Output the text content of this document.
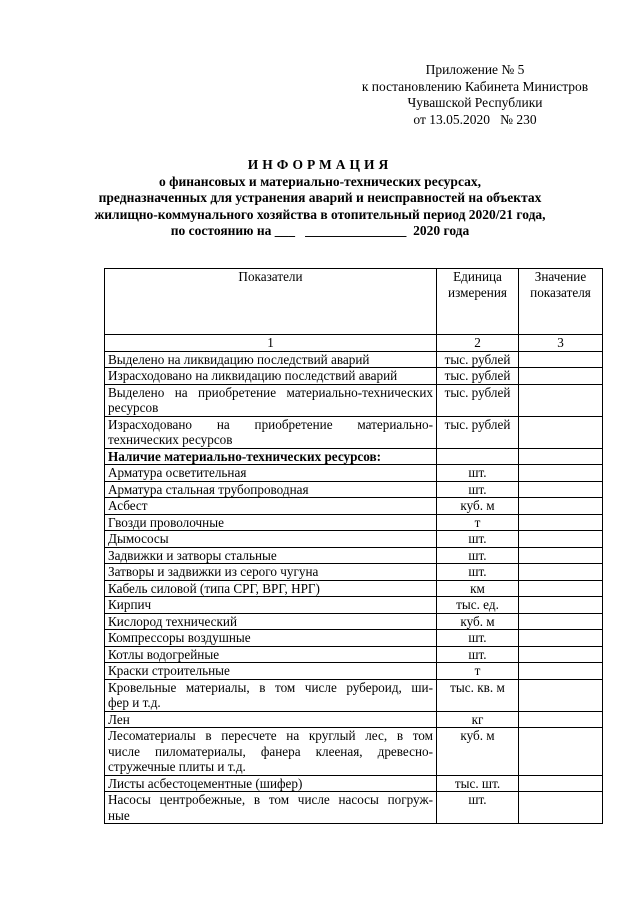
Приложение № 5
к постановлению Кабинета Министров
Чувашской Республики
от 13.05.2020   № 230
ИНФОРМАЦИЯ
о финансовых и материально-технических ресурсах,
предназначенных для устранения аварий и неисправностей на объектах
жилищно-коммунального хозяйства в отопительный период 2020/21 года,
по состоянию на ___   _______________  2020 года
Показатели	Единица измерения	Значение показателя
1	2	3
Выделено на ликвидацию последствий аварий	тыс. рублей	
Израсходовано на ликвидацию последствий аварий	тыс. рублей	

Выделено на приобретение материально-технических
ресурсов	тыс. рублей	

Израсходовано на приобретение материально-
технических ресурсов	тыс. рублей	
Наличие материально-технических ресурсов:		
Арматура осветительная	шт.	
Арматура стальная трубопроводная	шт.	
Асбест	куб. м	
Гвозди проволочные	т	
Дымососы	шт.	
Задвижки и затворы стальные	шт.	
Затворы и задвижки из серого чугуна	шт.	
Кабель силовой (типа СРГ, ВРГ, НРГ)	км	
Кирпич	тыс. ед.	
Кислород технический	куб. м	
Компрессоры воздушные	шт.	
Котлы водогрейные	шт.	
Краски строительные	т	

Кровельные материалы, в том числе рубероид, ши-
фер и т.д.	тыс. кв. м	
Лен	кг	

Лесоматериалы в пересчете на круглый лес, в том
числе пиломатериалы, фанера клееная, древесно-
стружечные плиты и т.д.	куб. м	
Листы асбестоцементные (шифер)	тыс. шт.	

Насосы центробежные, в том числе насосы погруж-
ные	шт.	
